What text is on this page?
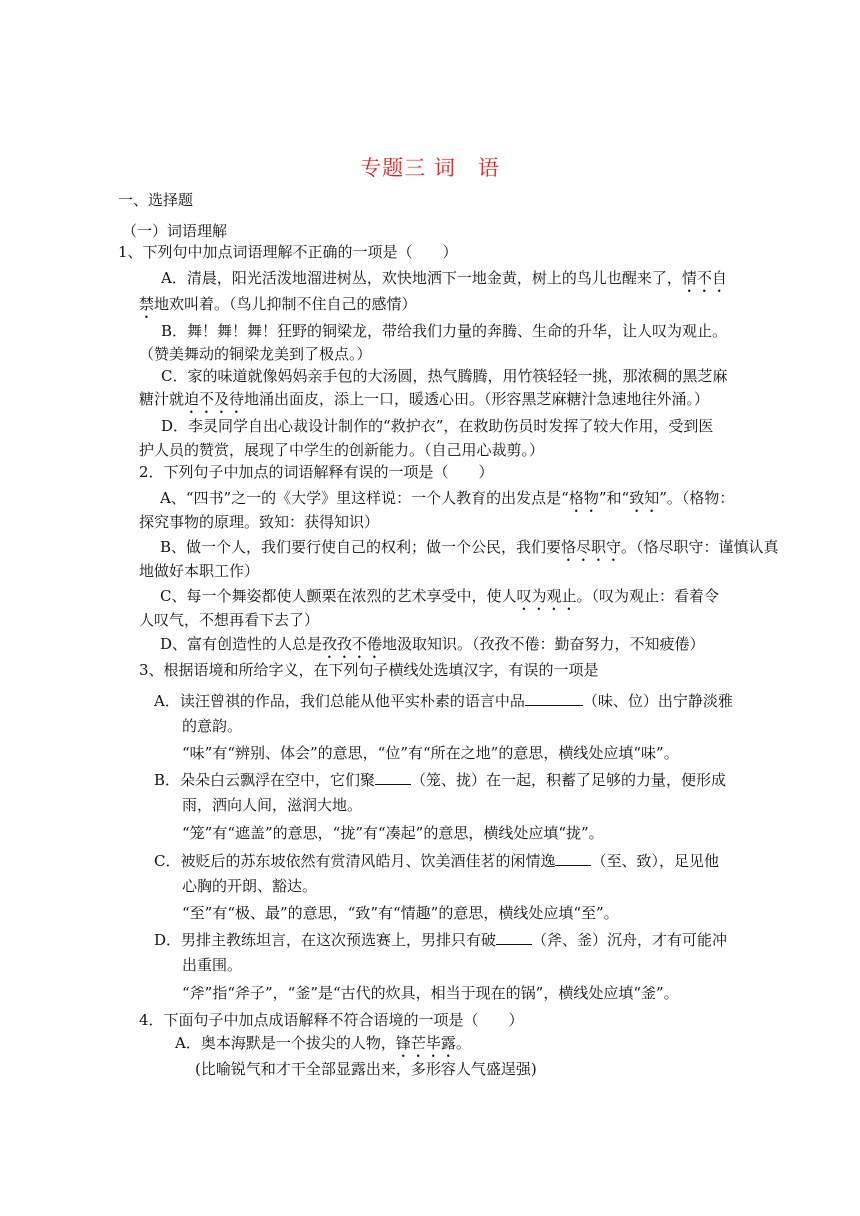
专题三 词　语
一、选择题
（一）词语理解
1、下列句中加点词语理解不正确的一项是（　　）
A．清晨，阳光活泼地溜进树丛，欢快地洒下一地金黄，树上的鸟儿也醒来了，情不自
禁地欢叫着。（鸟儿抑制不住自己的感情）
B．舞！舞！舞！狂野的铜梁龙，带给我们力量的奔腾、生命的升华，让人叹为观止。
（赞美舞动的铜梁龙美到了极点。）
C．家的味道就像妈妈亲手包的大汤圆，热气腾腾，用竹筷轻轻一挑，那浓稠的黑芝麻
糖汁就迫不及待地涌出面皮，添上一口，暖透心田。（形容黑芝麻糖汁急速地往外涌。）
D．李灵同学自出心裁设计制作的“救护衣”，在救助伤员时发挥了较大作用，受到医
护人员的赞赏，展现了中学生的创新能力。（自己用心裁剪。）
2．下列句子中加点的词语解释有误的一项是（　　）
A、“四书”之一的《大学》里这样说：一个人教育的出发点是“格物”和“致知”。（格物：
探究事物的原理。致知：获得知识）
B、做一个人，我们要行使自己的权利；做一个公民，我们要恪尽职守。（恪尽职守：谨慎认真
地做好本职工作）
C、每一个舞姿都使人颤栗在浓烈的艺术享受中，使人叹为观止。（叹为观止：看着令
人叹气，不想再看下去了）
D、富有创造性的人总是孜孜不倦地汲取知识。（孜孜不倦：勤奋努力，不知疲倦）
3、根据语境和所给字义，在下列句子横线处选填汉字，有误的一项是
A．读汪曾祺的作品，我们总能从他平实朴素的语言中品	（味、位）出宁静淡雅
的意韵。
“味”有“辨别、体会”的意思，“位”有“所在之地”的意思，横线处应填“味”。
B．朵朵白云飘浮在空中，它们聚 （笼、拢）在一起，积蓄了足够的力量，便形成
雨，洒向人间，滋润大地。
“笼”有“遮盖”的意思，“拢”有“凑起”的意思，横线处应填“拢”。
C．被贬后的苏东坡依然有赏清风皓月、饮美酒佳茗的闲情逸 （至、致），足见他
心胸的开朗、豁达。
“至”有“极、最”的意思，“致”有“情趣”的意思，横线处应填“至”。
D．男排主教练坦言，在这次预选赛上，男排只有破 （斧、釜）沉舟，才有可能冲
出重围。
“斧”指“斧子”，“釜”是“古代的炊具，相当于现在的锅”，横线处应填“釜”。
4．下面句子中加点成语解释不符合语境的一项是（　　）
A．奥本海默是一个拔尖的人物，锋芒毕露。
(比喻锐气和才干全部显露出来，多形容人气盛逞强)
